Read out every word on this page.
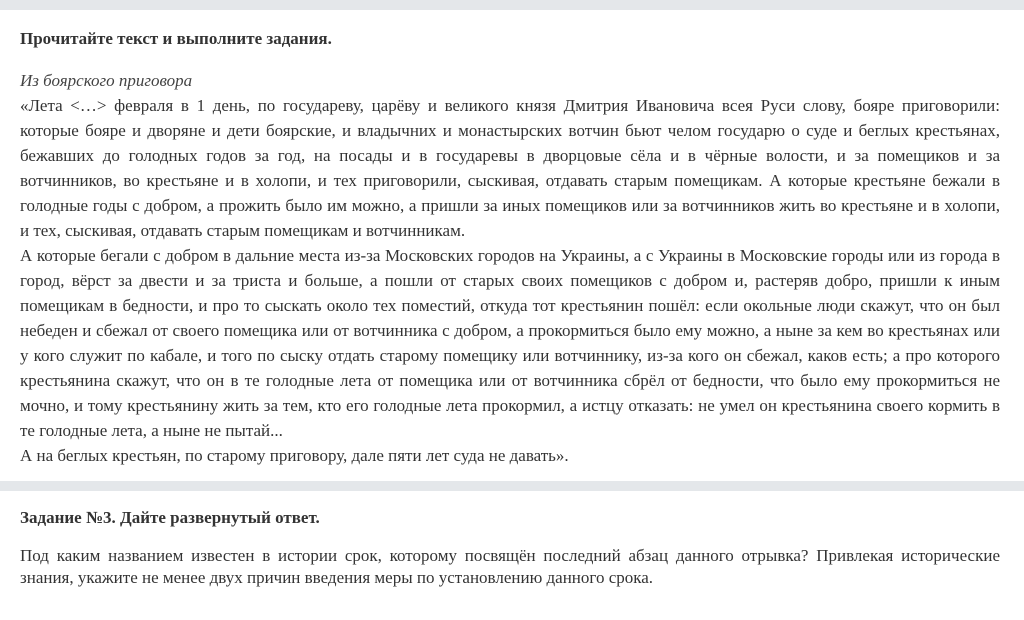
Прочитайте текст и выполните задания.

Из боярского приговора

«Лета <…> февраля в 1 день, по государеву, царёву и великого князя Дмитрия Ивановича всея Руси слову, бояре приговорили: которые бояре и дворяне и дети боярские, и владычних и монастырских вотчин бьют челом государю о суде и беглых крестьянах, бежавших до голодных годов за год, на посады и в государевы в дворцовые сёла и в чёрные волости, и за помещиков и за вотчинников, во крестьяне и в холопи, и тех приговорили, сыскивая, отдавать старым помещикам. А которые крестьяне бежали в голодные годы с добром, а прожить было им можно, а пришли за иных помещиков или за вотчинников жить во крестьяне и в холопи, и тех, сыскивая, отдавать старым помещикам и вотчинникам.

А которые бегали с добром в дальние места из-за Московских городов на Украины, а с Украины в Московские городы или из города в город, вёрст за двести и за триста и больше, а пошли от старых своих помещиков с добром и, растеряв добро, пришли к иным помещикам в бедности, и про то сыскать около тех поместий, откуда тот крестьянин пошёл: если окольные люди скажут, что он был небеден и сбежал от своего помещика или от вотчинника с добром, а прокормиться было ему можно, а ныне за кем во крестьянах или у кого служит по кабале, и того по сыску отдать старому помещику или вотчиннику, из-за кого он сбежал, каков есть; а про которого крестьянина скажут, что он в те голодные лета от помещика или от вотчинника сбрёл от бедности, что было ему прокормиться не мочно, и тому крестьянину жить за тем, кто его голодные лета прокормил, а истцу отказать: не умел он крестьянина своего кормить в те голодные лета, а ныне не пытай...

А на беглых крестьян, по старому приговору, дале пяти лет суда не давать».

Задание №3. Дайте развернутый ответ.

Под каким названием известен в истории срок, которому посвящён последний абзац данного отрывка? Привлекая исторические знания, укажите не менее двух причин введения меры по установлению данного срока.
